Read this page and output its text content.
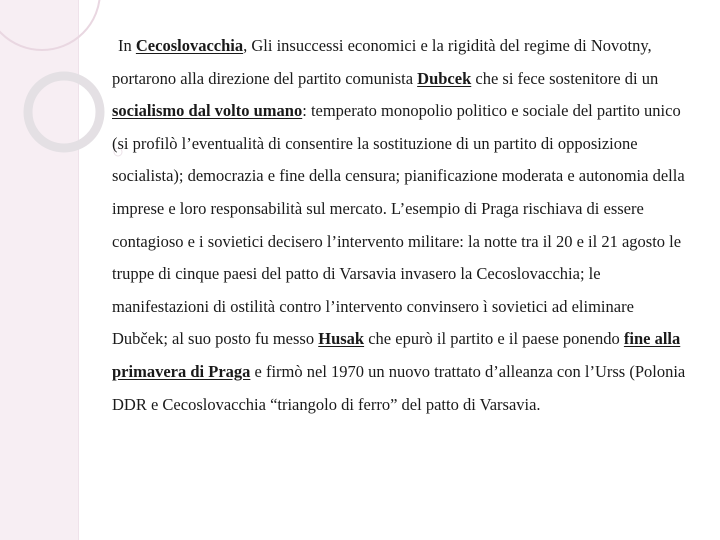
In Cecoslovacchia, Gli insuccessi economici e la rigidità del regime di Novotny, portarono alla direzione del partito comunista Dubcek che si fece sostenitore di un socialismo dal volto umano: temperato monopolio politico e sociale del partito unico (si profilò l’eventualità di consentire la sostituzione di un partito di opposizione socialista); democrazia e fine della censura; pianificazione moderata e autonomia della imprese e loro responsabilità sul mercato. L’esempio di Praga rischiava di essere contagioso e i sovietici decisero l’intervento militare: la notte tra il 20 e il 21 agosto le truppe di cinque paesi del patto di Varsavia invasero la Cecoslovacchia; le manifestazioni di ostilità contro l’intervento convinsero ì sovietici ad eliminare Dubček; al suo posto fu messo Husak che epurò il partito e il paese ponendo fine alla primavera di Praga e firmò nel 1970 un nuovo trattato d’alleanza con l’Urss (Polonia DDR e Cecoslovacchia “triangolo di ferro” del patto di Varsavia.
